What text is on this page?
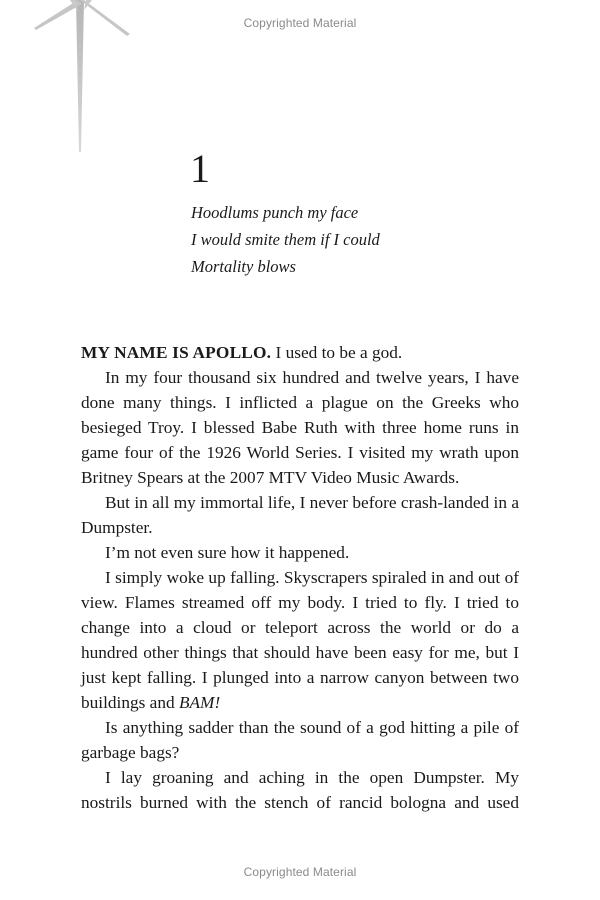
Copyrighted Material
1
Hoodlums punch my face
I would smite them if I could
Mortality blows

MY NAME IS APOLLO. I used to be a god.

In my four thousand six hundred and twelve years, I have done many things. I inflicted a plague on the Greeks who besieged Troy. I blessed Babe Ruth with three home runs in game four of the 1926 World Series. I visited my wrath upon Britney Spears at the 2007 MTV Video Music Awards.

But in all my immortal life, I never before crash-landed in a Dumpster.

I’m not even sure how it happened.

I simply woke up falling. Skyscrapers spiraled in and out of view. Flames streamed off my body. I tried to fly. I tried to change into a cloud or teleport across the world or do a hundred other things that should have been easy for me, but I just kept falling. I plunged into a narrow canyon between two buildings and BAM!

Is anything sadder than the sound of a god hitting a pile of garbage bags?

I lay groaning and aching in the open Dumpster. My nostrils burned with the stench of rancid bologna and used

Copyrighted Material
